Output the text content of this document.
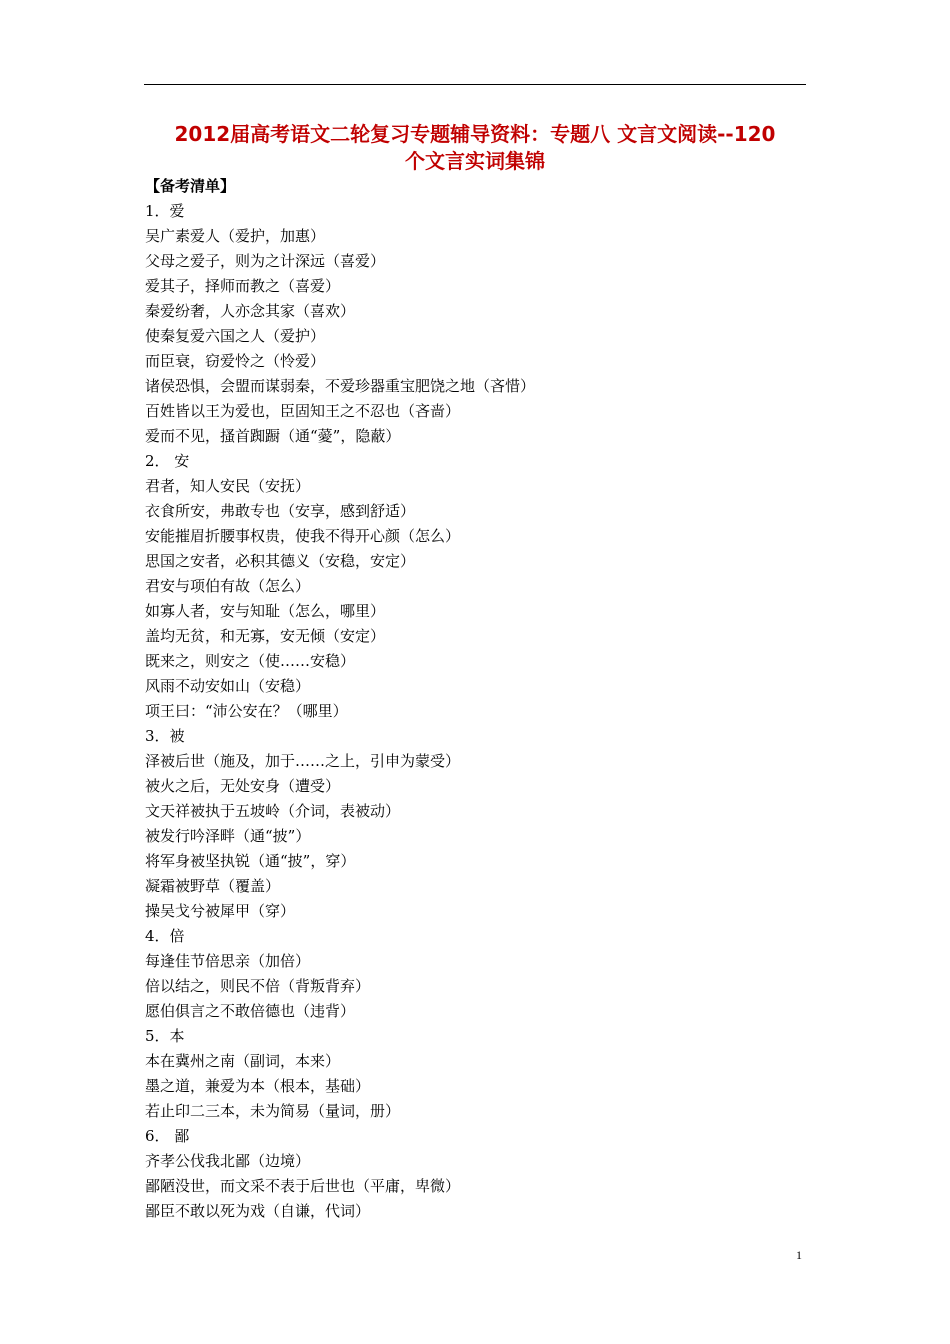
2012届高考语文二轮复习专题辅导资料：专题八 文言文阅读--120
个文言实词集锦
【备考清单】
1．爱
吴广素爱人（爱护，加惠）
父母之爱子，则为之计深远（喜爱）
爱其子，择师而教之（喜爱）
秦爱纷奢，人亦念其家（喜欢）
使秦复爱六国之人（爱护）
而臣衰，窃爱怜之（怜爱）
诸侯恐惧，会盟而谋弱秦，不爱珍器重宝肥饶之地（吝惜）
百姓皆以王为爱也，臣固知王之不忍也（吝啬）
爱而不见，搔首踟蹰（通“薆”，隐蔽）
2． 安
君者，知人安民（安抚）
衣食所安，弗敢专也（安享，感到舒适）
安能摧眉折腰事权贵，使我不得开心颜（怎么）
思国之安者，必积其德义（安稳，安定）
君安与项伯有故（怎么）
如寡人者，安与知耻（怎么，哪里）
盖均无贫，和无寡，安无倾（安定）
既来之，则安之（使……安稳）
风雨不动安如山（安稳）
项王曰：“沛公安在？（哪里）
3．被
泽被后世（施及，加于……之上，引申为蒙受）
被火之后，无处安身（遭受）
文天祥被执于五坡岭（介词，表被动）
被发行吟泽畔（通“披”）
将军身被坚执锐（通“披”，穿）
凝霜被野草（覆盖）
操吴戈兮被犀甲（穿）
4．倍
每逢佳节倍思亲（加倍）
倍以结之，则民不倍（背叛背弃）
愿伯俱言之不敢倍德也（违背）
5．本
本在冀州之南（副词，本来）
墨之道，兼爱为本（根本，基础）
若止印二三本，未为简易（量词，册）
6． 鄙
齐孝公伐我北鄙（边境）
鄙陋没世，而文采不表于后世也（平庸，卑微）
鄙臣不敢以死为戏（自谦，代词）
1
